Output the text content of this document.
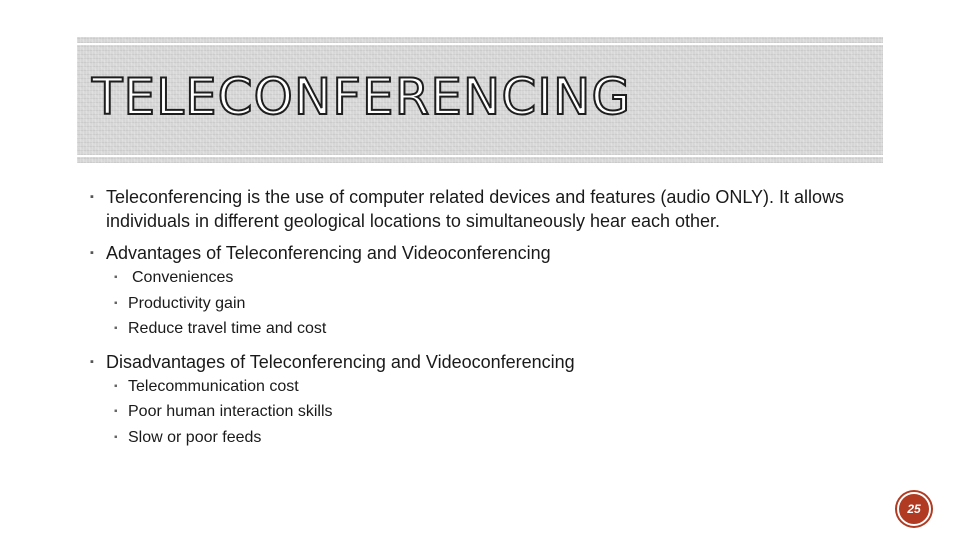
TELECONFERENCING
▪ Teleconferencing is the use of computer related devices and features (audio ONLY). It allows individuals in different geological locations to simultaneously hear each other.
▪ Advantages of Teleconferencing and Videoconferencing
▪ Conveniences
▪ Productivity gain
▪ Reduce travel time and cost
▪ Disadvantages of Teleconferencing and Videoconferencing
▪ Telecommunication cost
▪ Poor human interaction skills
▪ Slow or poor feeds
25
